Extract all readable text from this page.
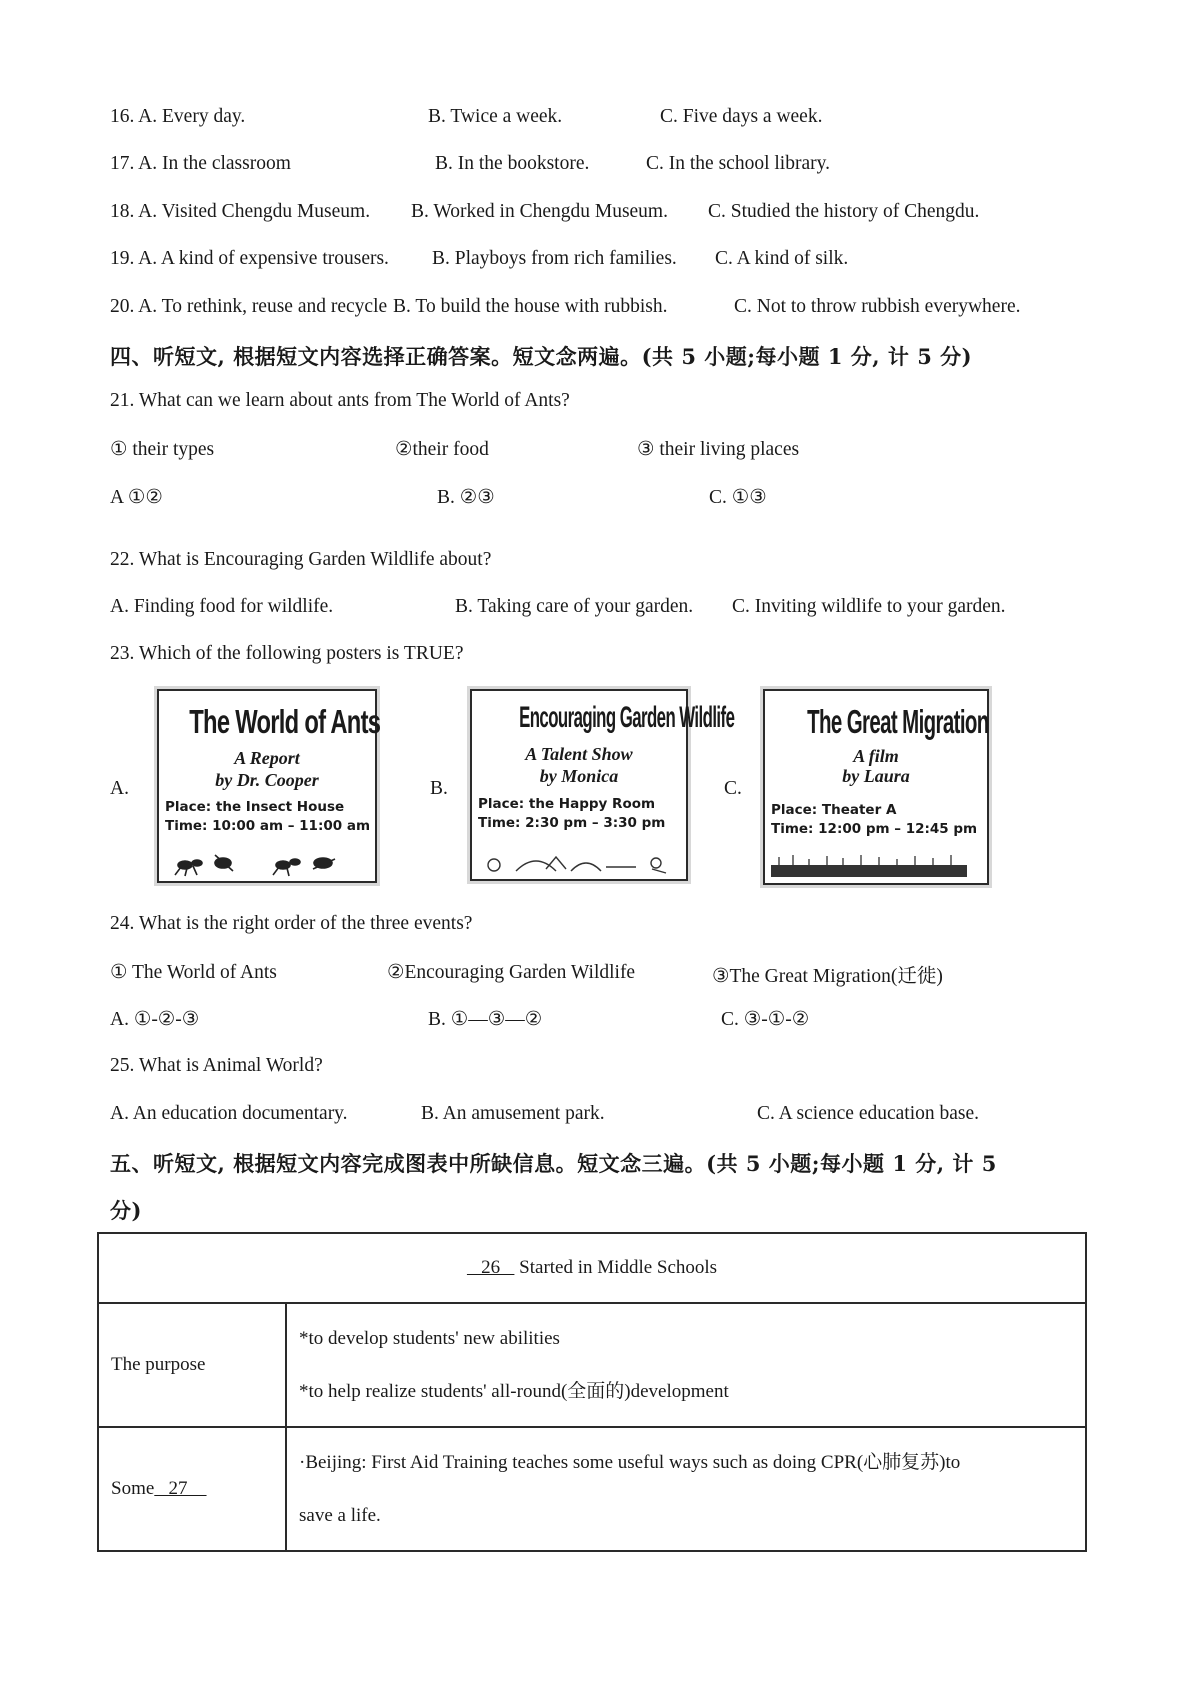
16. A. Every day.	B. Twice a week.	C. Five days a week.
17. A. In the classroom	B. In the bookstore.	C. In the school library.
18. A. Visited Chengdu Museum. B. Worked in Chengdu Museum. C. Studied the history of Chengdu.
19. A. A kind of expensive trousers. B. Playboys from rich families. C. A kind of silk.
20. A. To rethink, reuse and recycle B. To build the house with rubbish.	C. Not to throw rubbish everywhere.
四、听短文, 根据短文内容选择正确答案。短文念两遍。(共 5 小题;每小题 1 分, 计 5 分)
21. What can we learn about ants from The World of Ants?
① their types	②their food	③ their living places
A ①②	B. ②③	C. ①③
22. What is Encouraging Garden Wildlife about?
A. Finding food for wildlife.	B. Taking care of your garden. C. Inviting wildlife to your garden.
23. Which of the following posters is TRUE?
A.
The World of Ants
A Report
by Dr. Cooper
Place: the Insect House
Time: 10:00 am – 11:00 am
B.
Encouraging Garden Wildlife
A Talent Show
by Monica
Place: the Happy Room
Time: 2:30 pm – 3:30 pm
C.
The Great Migration
A film
by Laura
Place: Theater A
Time: 12:00 pm – 12:45 pm
24. What is the right order of the three events?
① The World of Ants	②Encouraging Garden Wildlife	③The Great Migration(迁徙)
A. ①-②-③	B. ①—③—②	C. ③-①-②
25. What is Animal World?
A. An education documentary.	B. An amusement park.	C. A science education base.
五、听短文, 根据短文内容完成图表中所缺信息。短文念三遍。(共 5 小题;每小题 1 分, 计 5
分)
26    Started in Middle Schools	
The purpose	*to develop students' new abilities
*to help realize students' all-round(全面的)development

Some   27	·Beijing: First Aid Training teaches some useful ways such as doing CPR(心肺复苏)to
save a life.
